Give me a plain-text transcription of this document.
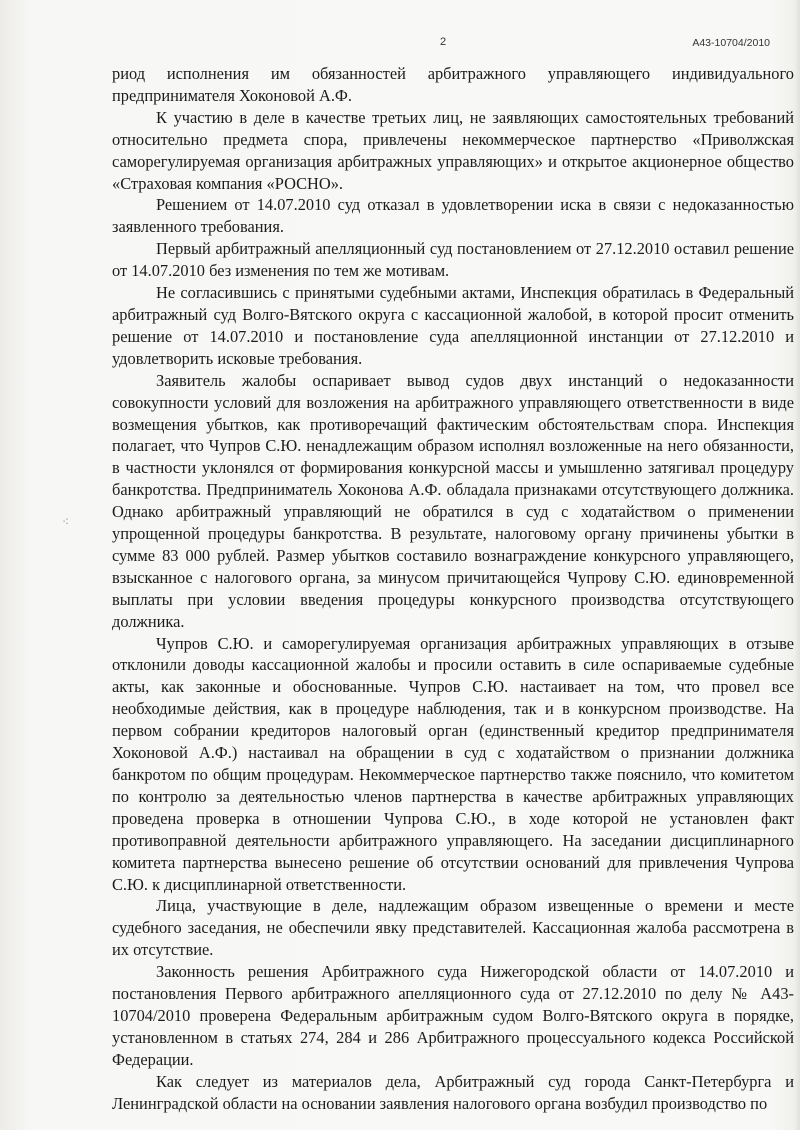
2	А43-10704/2010
⁖

риод исполнения им обязанностей арбитражного управляющего индивидуального предпринимателя Хоконовой А.Ф.

К участию в деле в качестве третьих лиц, не заявляющих самостоятельных требований относительно предмета спора, привлечены некоммерческое партнерство «Приволжская саморегулируемая организация арбитражных управляющих» и открытое акционерное общество «Страховая компания «РОСНО».

Решением от 14.07.2010 суд отказал в удовлетворении иска в связи с недоказанностью заявленного требования.

Первый арбитражный апелляционный суд постановлением от 27.12.2010 оставил решение от 14.07.2010 без изменения по тем же мотивам.

Не согласившись с принятыми судебными актами, Инспекция обратилась в Федеральный арбитражный суд Волго-Вятского округа с кассационной жалобой, в которой просит отменить решение от 14.07.2010 и постановление суда апелляционной инстанции от 27.12.2010 и удовлетворить исковые требования.

Заявитель жалобы оспаривает вывод судов двух инстанций о недоказанности совокупности условий для возложения на арбитражного управляющего ответственности в виде возмещения убытков, как противоречащий фактическим обстоятельствам спора. Инспекция полагает, что Чупров С.Ю. ненадлежащим образом исполнял возложенные на него обязанности, в частности уклонялся от формирования конкурсной массы и умышленно затягивал процедуру банкротства. Предприниматель Хоконова А.Ф. обладала признаками отсутствующего должника. Однако арбитражный управляющий не обратился в суд с ходатайством о применении упрощенной процедуры банкротства. В результате, налоговому органу причинены убытки в сумме 83 000 рублей. Размер убытков составило вознаграждение конкурсного управляющего, взысканное с налогового органа, за минусом причитающейся Чупрову С.Ю. единовременной выплаты при условии введения процедуры конкурсного производства отсутствующего должника.

Чупров С.Ю. и саморегулируемая организация арбитражных управляющих в отзыве отклонили доводы кассационной жалобы и просили оставить в силе оспариваемые судебные акты, как законные и обоснованные. Чупров С.Ю. настаивает на том, что провел все необходимые действия, как в процедуре наблюдения, так и в конкурсном производстве. На первом собрании кредиторов налоговый орган (единственный кредитор предпринимателя Хоконовой А.Ф.) настаивал на обращении в суд с ходатайством о признании должника банкротом по общим процедурам. Некоммерческое партнерство также пояснило, что комитетом по контролю за деятельностью членов партнерства в качестве арбитражных управляющих проведена проверка в отношении Чупрова С.Ю., в ходе которой не установлен факт противоправной деятельности арбитражного управляющего. На заседании дисциплинарного комитета партнерства вынесено решение об отсутствии оснований для привлечения Чупрова С.Ю. к дисциплинарной ответственности.

Лица, участвующие в деле, надлежащим образом извещенные о времени и месте судебного заседания, не обеспечили явку представителей. Кассационная жалоба рассмотрена в их отсутствие.

Законность решения Арбитражного суда Нижегородской области от 14.07.2010 и постановления Первого арбитражного апелляционного суда от 27.12.2010 по делу № А43-10704/2010 проверена Федеральным арбитражным судом Волго-Вятского округа в порядке, установленном в статьях 274, 284 и 286 Арбитражного процессуального кодекса Российской Федерации.

Как следует из материалов дела, Арбитражный суд города Санкт-Петербурга и Ленинградской области на основании заявления налогового органа возбудил производство по
